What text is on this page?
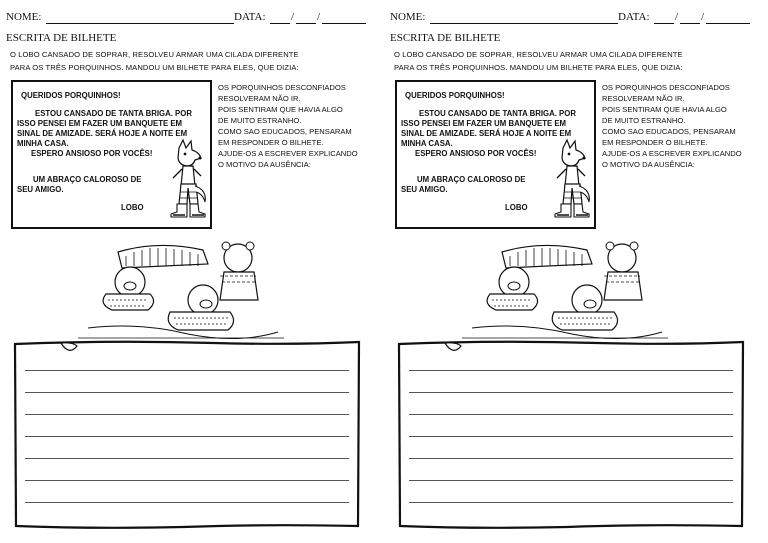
NOME:	DATA: / /
ESCRITA DE BILHETE
O LOBO CANSADO DE SOPRAR, RESOLVEU ARMAR UMA CILADA DIFERENTE
PARA OS TRÊS PORQUINHOS. MANDOU UM BILHETE PARA ELES, QUE DIZIA:
QUERIDOS PORQUINHOS!
ESTOU CANSADO DE TANTA BRIGA. POR
ISSO PENSEI EM FAZER UM BANQUETE EM
SINAL DE AMIZADE. SERÁ HOJE A NOITE EM
MINHA CASA.
ESPERO ANSIOSO POR VOCÊS!
UM ABRAÇO CALOROSO DE
SEU AMIGO.
LOBO
OS PORQUINHOS DESCONFIADOS
RESOLVERAM NÃO IR.
POIS SENTIRAM QUE HAVIA ALGO
DE MUITO ESTRANHO.
COMO SAO EDUCADOS, PENSARAM
EM RESPONDER O BILHETE.
AJUDE-OS A ESCREVER EXPLICANDO
O MOTIVO DA AUSÊNCIA:
NOME:	DATA: / /
ESCRITA DE BILHETE
O LOBO CANSADO DE SOPRAR, RESOLVEU ARMAR UMA CILADA DIFERENTE
PARA OS TRÊS PORQUINHOS. MANDOU UM BILHETE PARA ELES, QUE DIZIA:
QUERIDOS PORQUINHOS!
ESTOU CANSADO DE TANTA BRIGA. POR
ISSO PENSEI EM FAZER UM BANQUETE EM
SINAL DE AMIZADE. SERÁ HOJE A NOITE EM
MINHA CASA.
ESPERO ANSIOSO POR VOCÊS!
UM ABRAÇO CALOROSO DE
SEU AMIGO.
LOBO
OS PORQUINHOS DESCONFIADOS
RESOLVERAM NÃO IR.
POIS SENTIRAM QUE HAVIA ALGO
DE MUITO ESTRANHO.
COMO SAO EDUCADOS, PENSARAM
EM RESPONDER O BILHETE.
AJUDE-OS A ESCREVER EXPLICANDO
O MOTIVO DA AUSÊNCIA:
